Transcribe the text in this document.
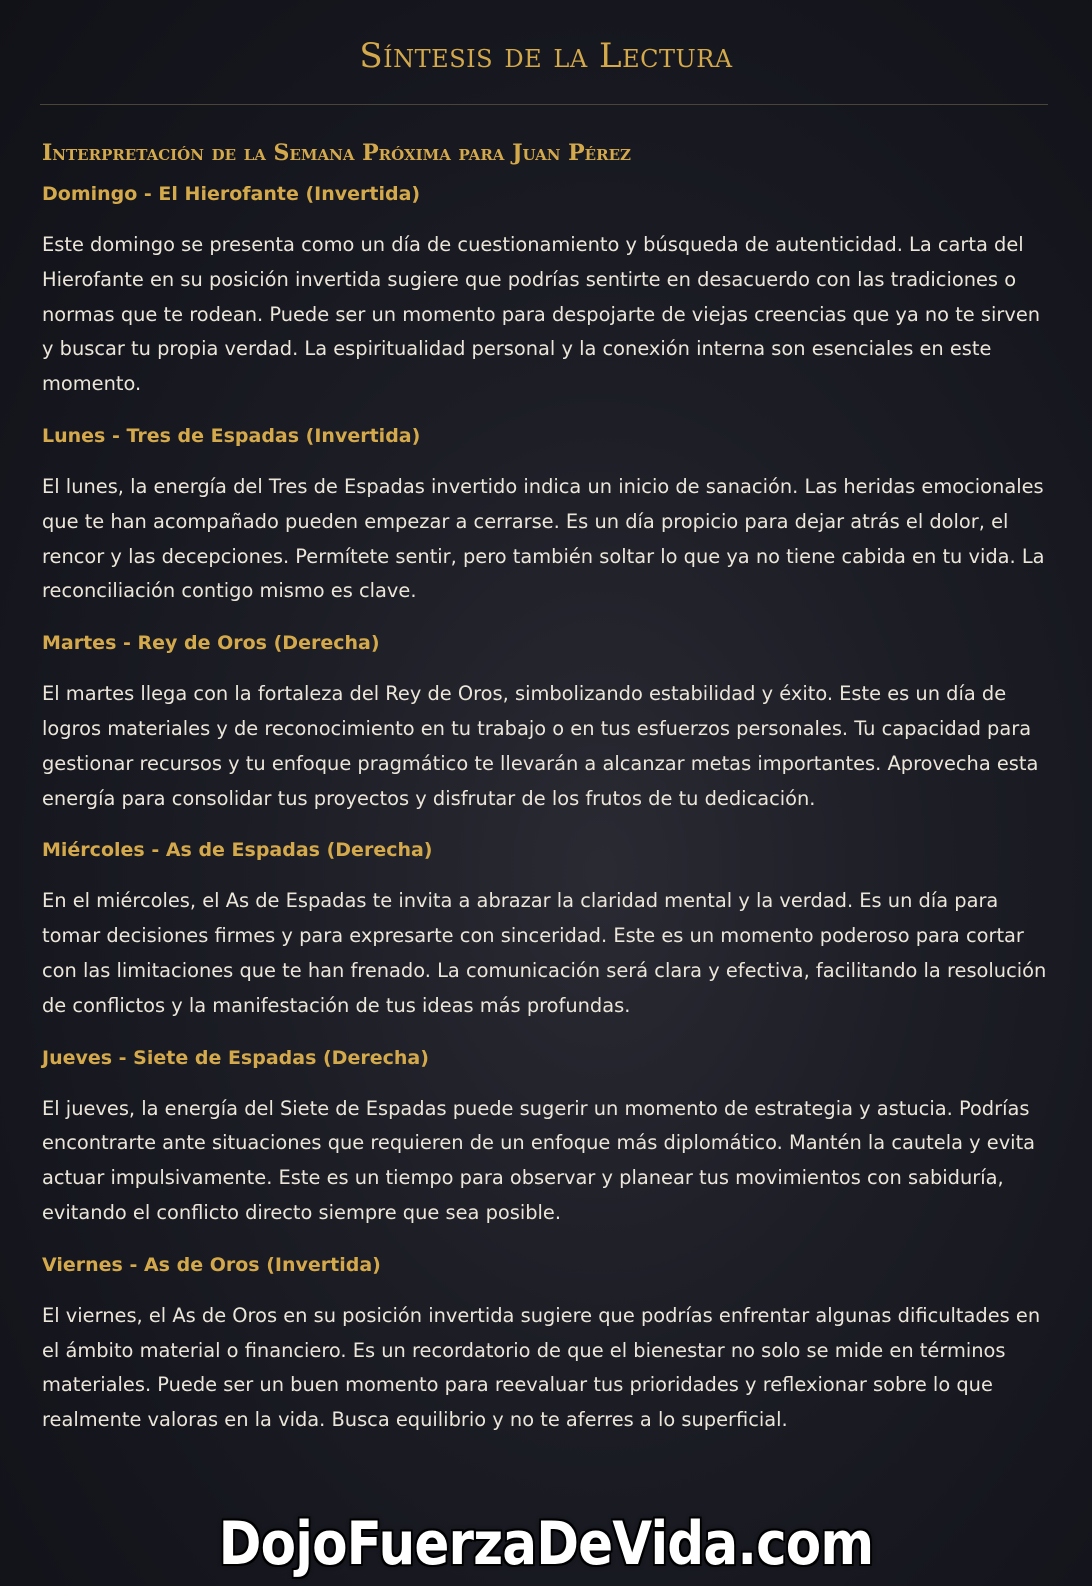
Síntesis de la Lectura
Interpretación de la Semana Próxima para Juan Pérez
Domingo - El Hierofante (Invertida)

Este domingo se presenta como un día de cuestionamiento y búsqueda de autenticidad. La carta del Hierofante en su posición invertida sugiere que podrías sentirte en desacuerdo con las tradiciones o normas que te rodean. Puede ser un momento para despojarte de viejas creencias que ya no te sirven y buscar tu propia verdad. La espiritualidad personal y la conexión interna son esenciales en este momento.

Lunes - Tres de Espadas (Invertida)

El lunes, la energía del Tres de Espadas invertido indica un inicio de sanación. Las heridas emocionales que te han acompañado pueden empezar a cerrarse. Es un día propicio para dejar atrás el dolor, el rencor y las decepciones. Permítete sentir, pero también soltar lo que ya no tiene cabida en tu vida. La reconciliación contigo mismo es clave.

Martes - Rey de Oros (Derecha)

El martes llega con la fortaleza del Rey de Oros, simbolizando estabilidad y éxito. Este es un día de logros materiales y de reconocimiento en tu trabajo o en tus esfuerzos personales. Tu capacidad para gestionar recursos y tu enfoque pragmático te llevarán a alcanzar metas importantes. Aprovecha esta energía para consolidar tus proyectos y disfrutar de los frutos de tu dedicación.

Miércoles - As de Espadas (Derecha)

En el miércoles, el As de Espadas te invita a abrazar la claridad mental y la verdad. Es un día para tomar decisiones firmes y para expresarte con sinceridad. Este es un momento poderoso para cortar con las limitaciones que te han frenado. La comunicación será clara y efectiva, facilitando la resolución de conflictos y la manifestación de tus ideas más profundas.

Jueves - Siete de Espadas (Derecha)

El jueves, la energía del Siete de Espadas puede sugerir un momento de estrategia y astucia. Podrías encontrarte ante situaciones que requieren de un enfoque más diplomático. Mantén la cautela y evita actuar impulsivamente. Este es un tiempo para observar y planear tus movimientos con sabiduría, evitando el conflicto directo siempre que sea posible.

Viernes - As de Oros (Invertida)

El viernes, el As de Oros en su posición invertida sugiere que podrías enfrentar algunas dificultades en el ámbito material o financiero. Es un recordatorio de que el bienestar no solo se mide en términos materiales. Puede ser un buen momento para reevaluar tus prioridades y reflexionar sobre lo que realmente valoras en la vida. Busca equilibrio y no te aferres a lo superficial.

DojoFuerzaDeVida.com
